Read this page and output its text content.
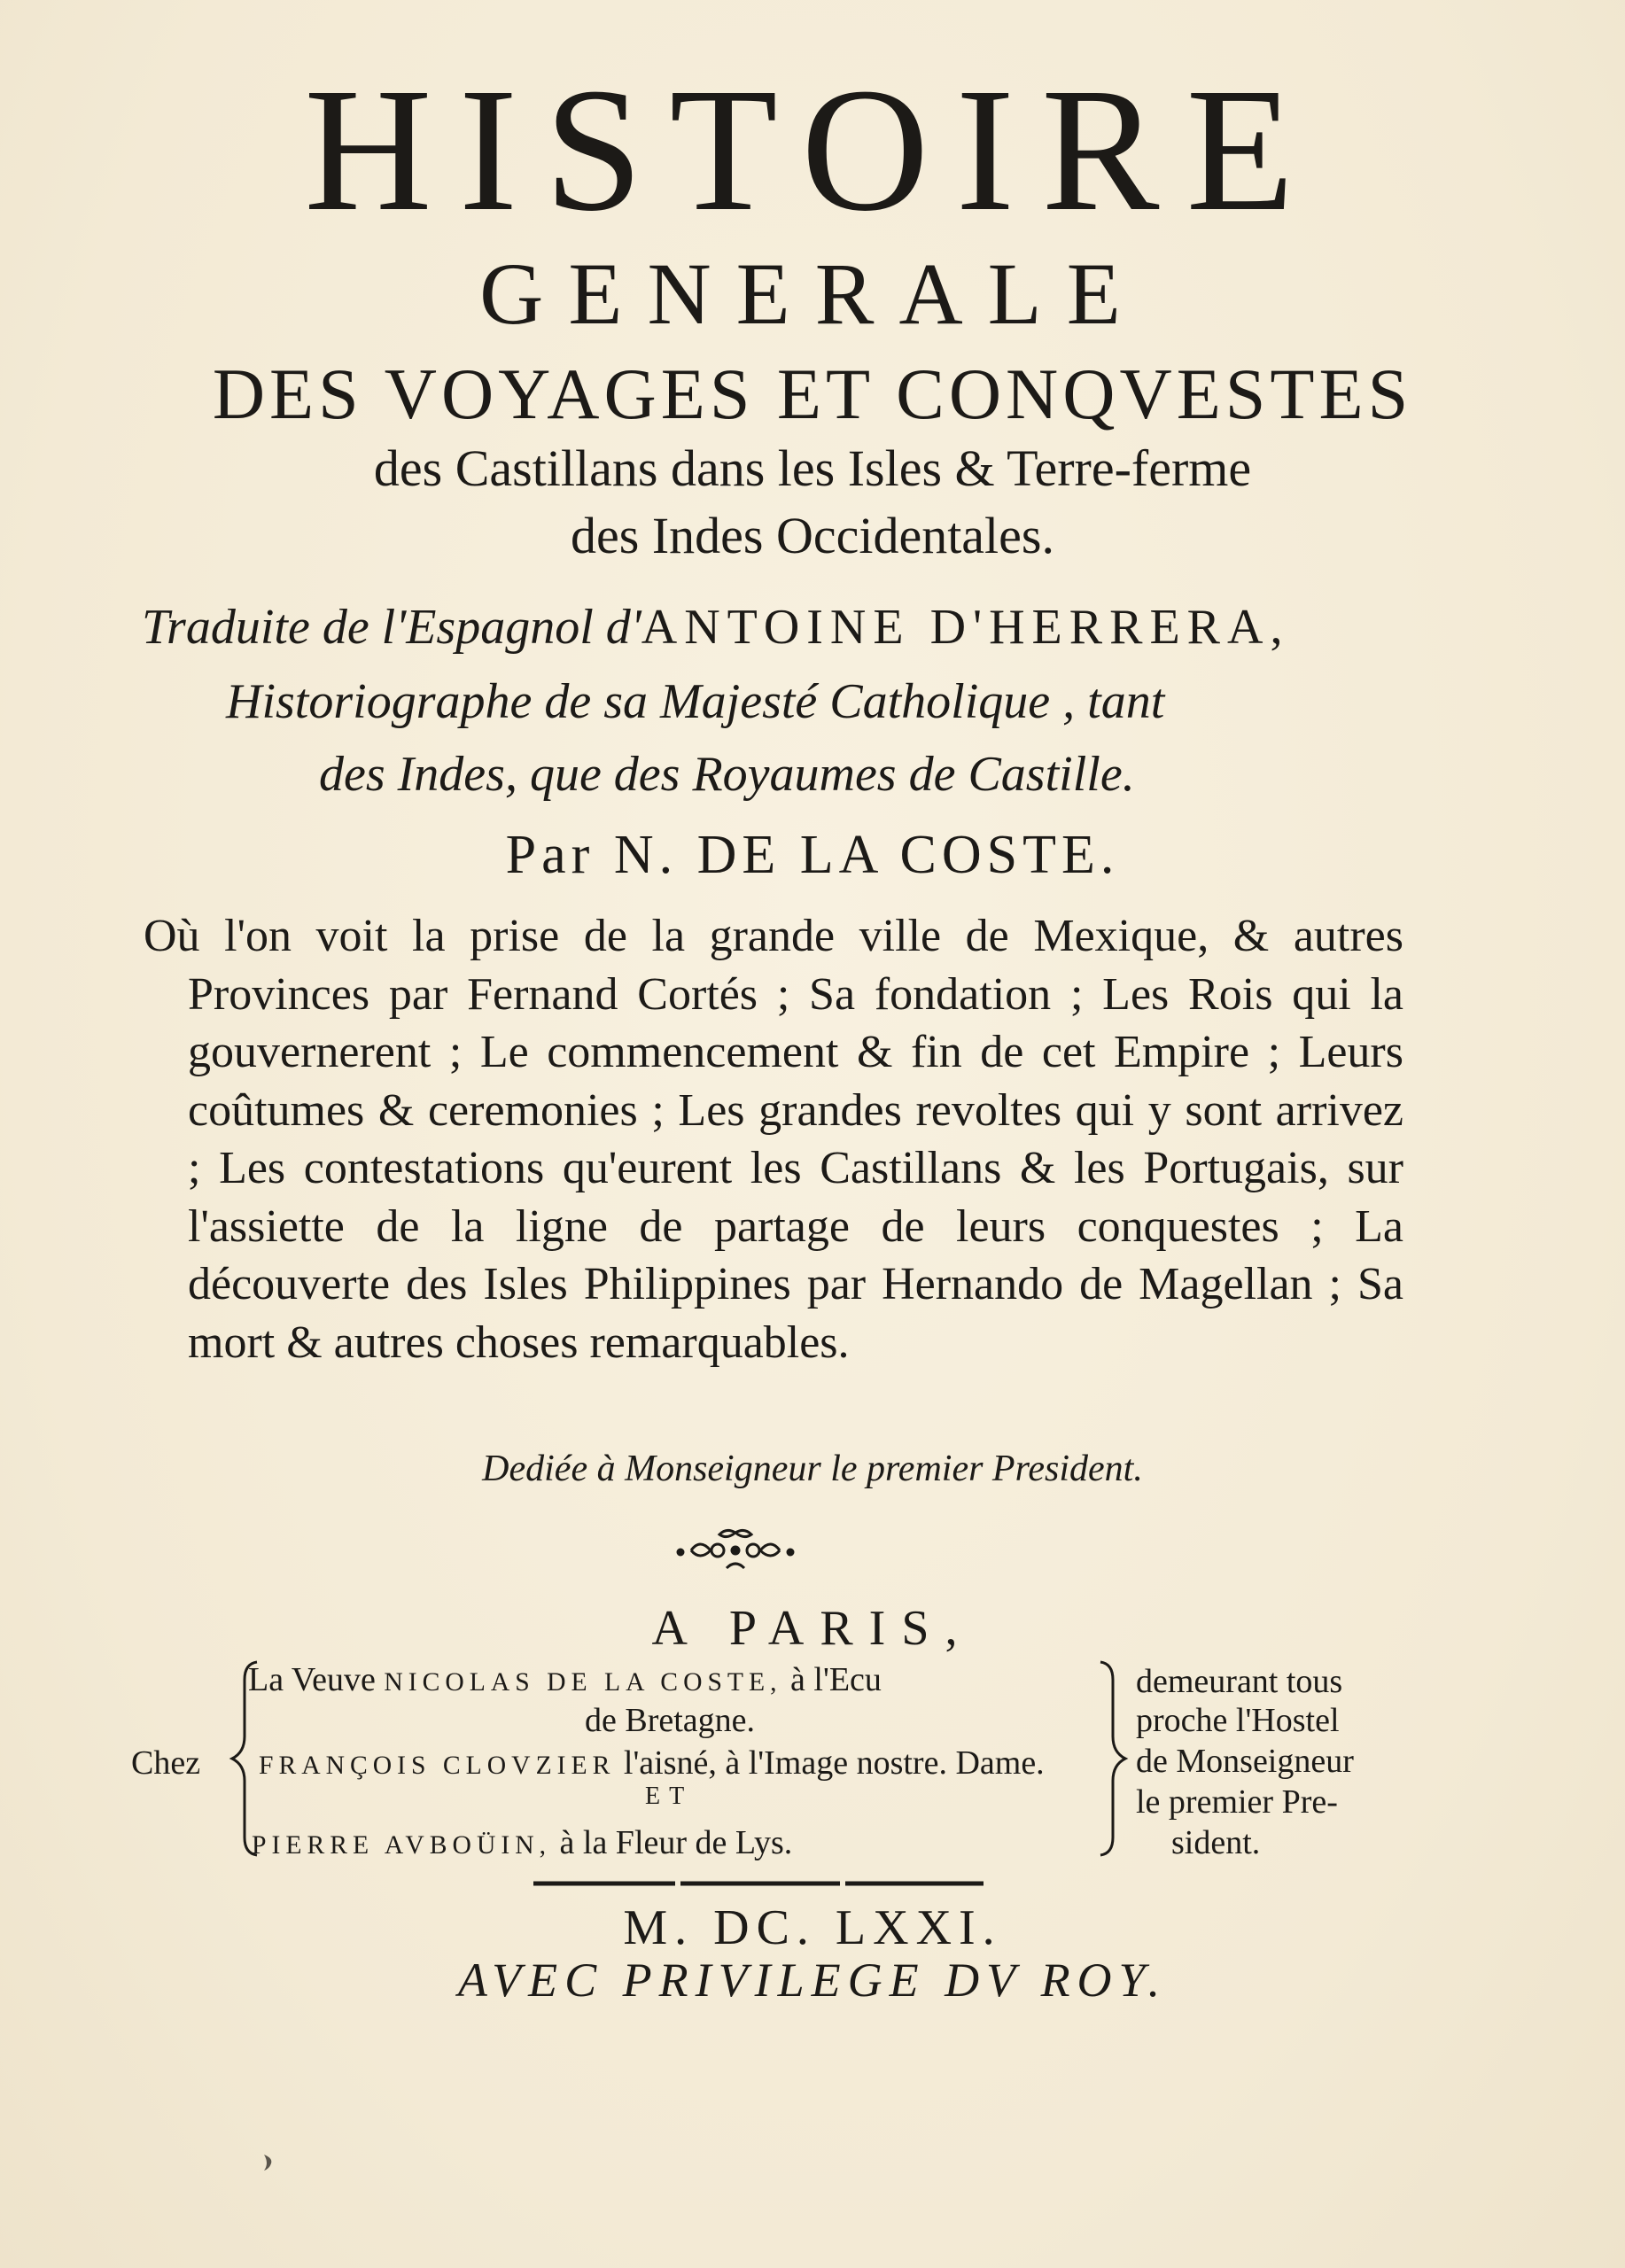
HISTOIRE
GENERALE
DES VOYAGES ET CONQVESTES
des Castillans dans les Isles & Terre-ferme
des Indes Occidentales.
Traduite de l'Espagnol d'ANTOINE D'HERRERA,
Historiographe de sa Majesté Catholique , tant
des Indes, que des Royaumes de Castille.
Par N. DE LA COSTE.
Où l'on voit la prise de la grande ville de Mexique, & autres Provinces par Fernand Cortés ; Sa fondation ; Les Rois qui la gouvernerent ; Le commencement & fin de cet Empire ; Leurs coûtumes & ceremonies ; Les grandes revoltes qui y sont arrivez ; Les contestations qu'eurent les Castillans & les Portugais, sur l'assiette de la ligne de partage de leurs conquestes ; La découverte des Isles Philippines par Hernando de Magellan ; Sa mort & autres choses remarquables.
Dediée à Monseigneur le premier President.
A PARIS,
Chez
La Veuve NICOLAS DE LA COSTE, à l'Ecu
de Bretagne.
FRANÇOIS CLOVZIER l'aisné, à l'Image nostre. Dame.
ET
PIERRE AVBOÜIN, à la Fleur de Lys.
demeurant tous
proche l'Hostel
de Monseigneur
le premier Pre-
sident.
M. DC. LXXI.
AVEC PRIVILEGE DV ROY.
